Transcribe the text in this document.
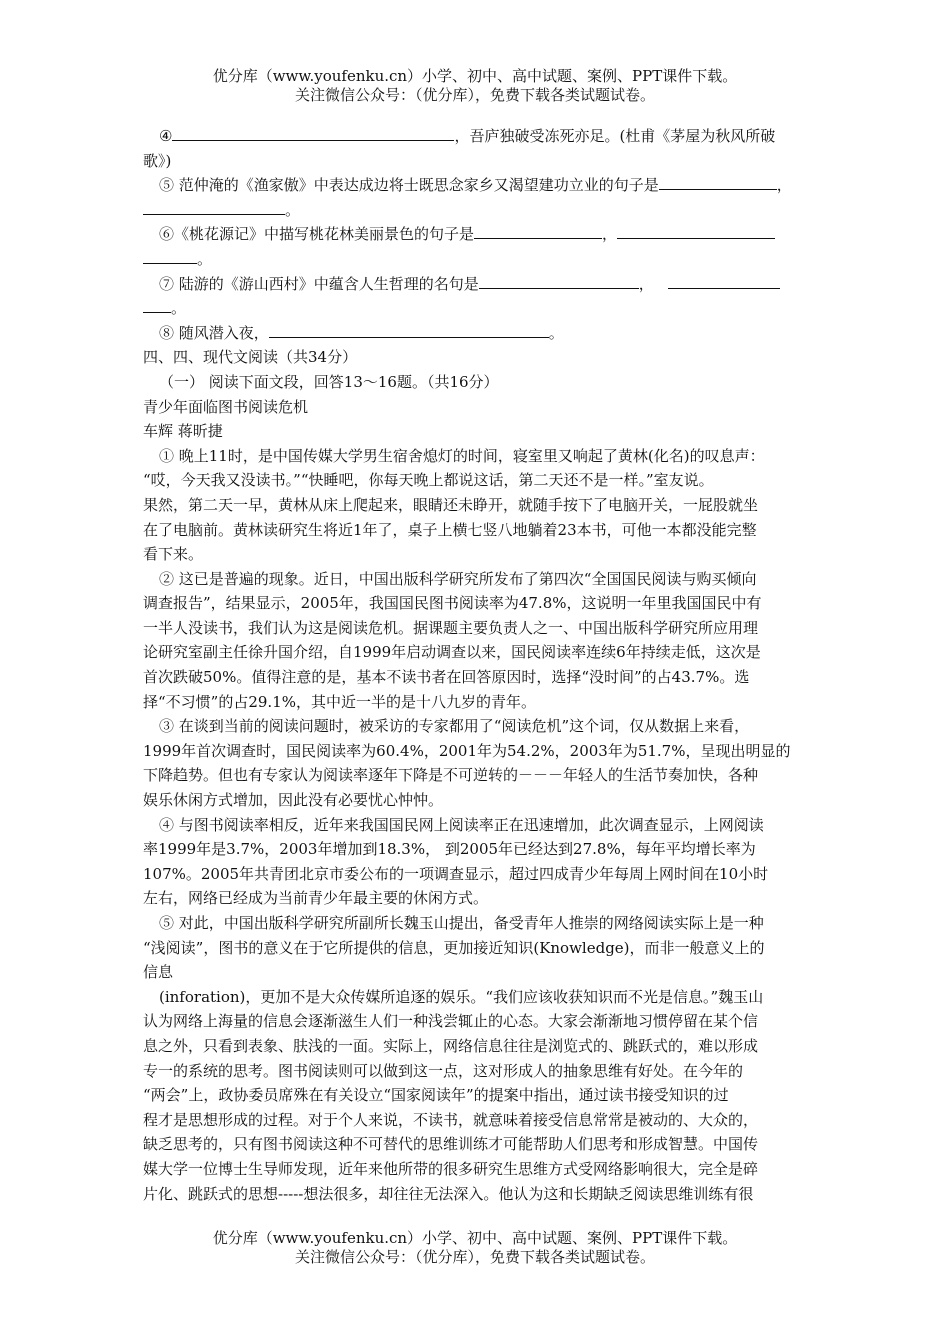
优分库（www.youfenku.cn）小学、初中、高中试题、案例、PPT课件下载。
关注微信公众号：（优分库），免费下载各类试题试卷。
④	，吾庐独破受冻死亦足。(杜甫《茅屋为秋风所破
歌》)
⑤ 范仲淹的《渔家傲》中表达成边将士既思念家乡又渴望建功立业的句子是	，
。
⑥《桃花源记》中描写桃花林美丽景色的句子是	，
。
⑦ 陆游的《游山西村》中蕴含人生哲理的名句是	，
。
⑧ 随风潜入夜，	。
四、四、现代文阅读（共34分）
（一） 阅读下面文段，回答13～16题。（共16分）
青少年面临图书阅读危机
车辉 蒋昕捷
① 晚上11时，是中国传媒大学男生宿舍熄灯的时间，寝室里又响起了黄林(化名)的叹息声：
“哎，今天我又没读书。”“快睡吧，你每天晚上都说这话，第二天还不是一样。”室友说。
果然，第二天一早，黄林从床上爬起来，眼睛还未睁开，就随手按下了电脑开关，一屁股就坐
在了电脑前。黄林读研究生将近1年了，桌子上横七竖八地躺着23本书，可他一本都没能完整
看下来。
② 这已是普遍的现象。近日，中国出版科学研究所发布了第四次“全国国民阅读与购买倾向
调查报告”，结果显示，2005年，我国国民图书阅读率为47.8%，这说明一年里我国国民中有
一半人没读书，我们认为这是阅读危机。据课题主要负责人之一、中国出版科学研究所应用理
论研究室副主任徐升国介绍，自1999年启动调查以来，国民阅读率连续6年持续走低，这次是
首次跌破50%。值得注意的是，基本不读书者在回答原因时，选择“没时间”的占43.7%。选
择“不习惯”的占29.1%，其中近一半的是十八九岁的青年。
③ 在谈到当前的阅读问题时，被采访的专家都用了“阅读危机”这个词，仅从数据上来看，
1999年首次调查时，国民阅读率为60.4%，2001年为54.2%，2003年为51.7%，呈现出明显的
下降趋势。但也有专家认为阅读率逐年下降是不可逆转的－－－年轻人的生活节奏加快，各种
娱乐休闲方式增加，因此没有必要忧心忡忡。
④ 与图书阅读率相反，近年来我国国民网上阅读率正在迅速增加，此次调查显示，上网阅读
率1999年是3.7%，2003年增加到18.3%， 到2005年已经达到27.8%，每年平均增长率为
107%。2005年共青团北京市委公布的一项调查显示，超过四成青少年每周上网时间在10小时
左右，网络已经成为当前青少年最主要的休闲方式。
⑤ 对此，中国出版科学研究所副所长魏玉山提出，备受青年人推崇的网络阅读实际上是一种
“浅阅读”，图书的意义在于它所提供的信息，更加接近知识(Knowledge)，而非一般意义上的
信息
(inforation)，更加不是大众传媒所追逐的娱乐。“我们应该收获知识而不光是信息。”魏玉山
认为网络上海量的信息会逐渐滋生人们一种浅尝辄止的心态。大家会渐渐地习惯停留在某个信
息之外，只看到表象、肤浅的一面。实际上，网络信息往往是浏览式的、跳跃式的，难以形成
专一的系统的思考。图书阅读则可以做到这一点，这对形成人的抽象思维有好处。在今年的
“两会”上，政协委员席殊在有关设立“国家阅读年”的提案中指出，通过读书接受知识的过
程才是思想形成的过程。对于个人来说，不读书，就意味着接受信息常常是被动的、大众的，
缺乏思考的，只有图书阅读这种不可替代的思维训练才可能帮助人们思考和形成智慧。中国传
媒大学一位博士生导师发现，近年来他所带的很多研究生思维方式受网络影响很大，完全是碎
片化、跳跃式的思想-----想法很多，却往往无法深入。他认为这和长期缺乏阅读思维训练有很
优分库（www.youfenku.cn）小学、初中、高中试题、案例、PPT课件下载。
关注微信公众号：（优分库），免费下载各类试题试卷。
